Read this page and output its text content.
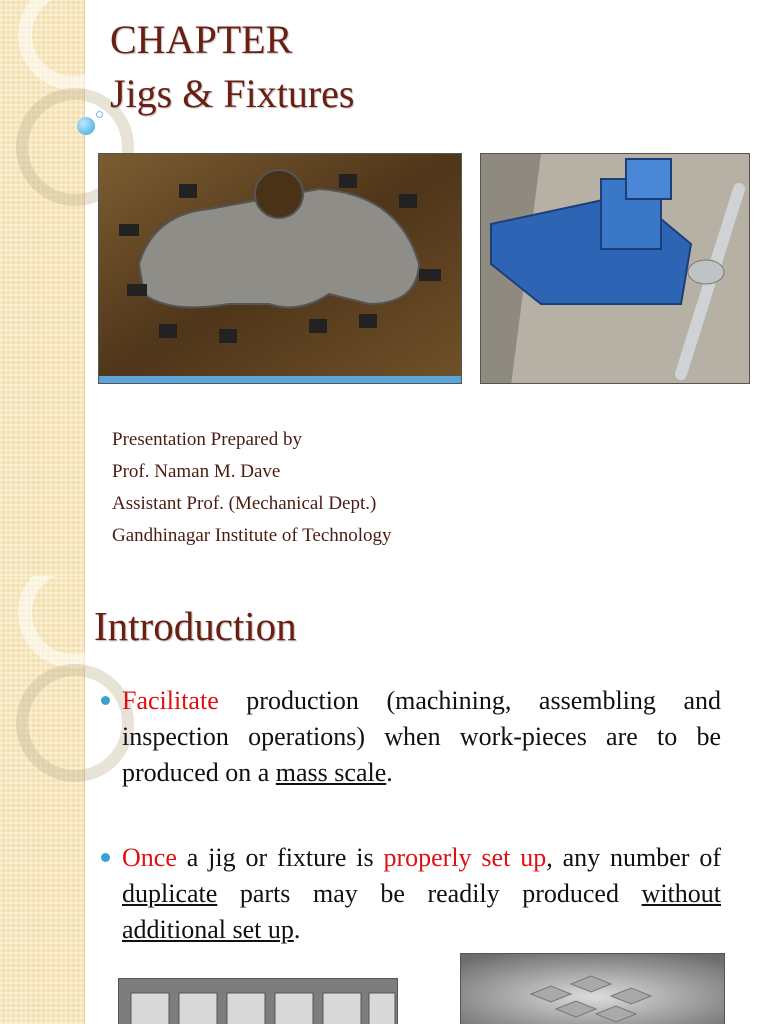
CHAPTER
Jigs & Fixtures
Presentation Prepared by
Prof. Naman M. Dave
Assistant Prof. (Mechanical Dept.)
Gandhinagar Institute of Technology
Introduction
Facilitate production (machining, assembling and inspection operations) when work-pieces are to be produced on a mass scale.
Once a jig or fixture is properly set up, any number of duplicate parts may be readily produced without additional set up.
